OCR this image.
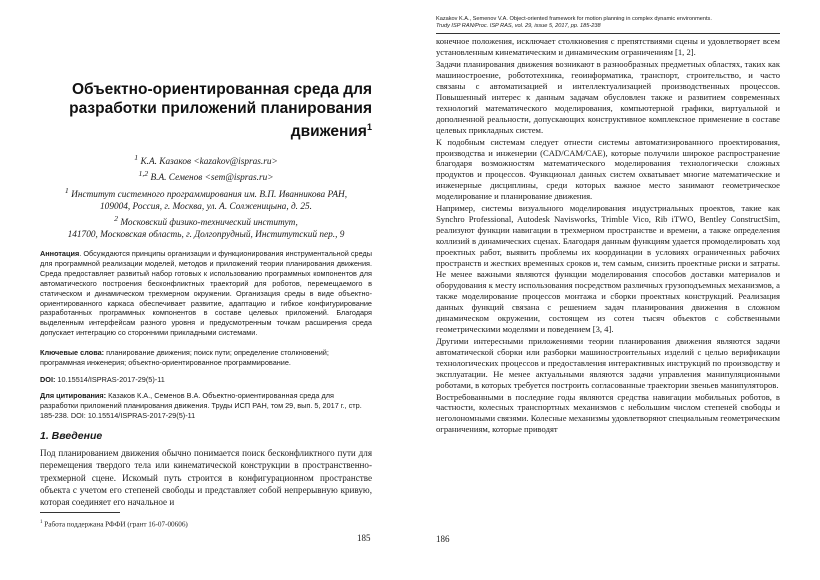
Объектно-ориентированная среда для разработки приложений планирования движения$^1$
$^1$ К.А. Казаков <kazakov@ispras.ru>
$^{1,2}$ В.А. Семенов <sem@ispras.ru>
$^1$ Институт системного программирования им. В.П. Иванникова РАН,
109004, Россия, г. Москва, ул. А. Солженицына, д. 25.
$^2$ Московский физико-технический институт,
141700, Московская область, г. Долгопрудный, Институтский пер., 9
Аннотация. Обсуждаются принципы организации и функционирования инструментальной среды для программной реализации моделей, методов и приложений теории планирования движения. Среда предоставляет развитый набор готовых к использованию программных компонентов для автоматического построения бесконфликтных траекторий для роботов, перемещаемого в статическом и динамическом трехмерном окружении. Организация среды в виде объектно-ориентированного каркаса обеспечивает развитие, адаптацию и гибкое конфигурирование разработанных программных компонентов в составе целевых приложений. Благодаря выделенным интерфейсам разного уровня и предусмотренным точкам расширения среда допускает интеграцию со сторонними прикладными системами.
Ключевые слова: планирование движения; поиск пути; определение столкновений; программная инженерия; объектно-ориентированное программирование.
DOI: 10.15514/ISPRAS-2017-29(5)-11
Для цитирования: Казаков К.А., Семенов В.А. Объектно-ориентированная среда для разработки приложений планирования движения. Труды ИСП РАН, том 29, вып. 5, 2017 г., стр. 185-238. DOI: 10.15514/ISPRAS-2017-29(5)-11
1. Введение
Под планированием движения обычно понимается поиск бесконфликтного пути для перемещения твердого тела или кинематической конструкции в пространственно-трехмерной сцене. Искомый путь строится в конфигурационном пространстве объекта с учетом его степеней свободы и представляет собой непрерывную кривую, которая соединяет его начальное и
$^1$ Работа поддержана РФФИ (грант 16-07-00606)
185
Kazakov K.A., Semenov V.A. Object-oriented framework for motion planning in complex dynamic environments.
Trudy ISP RAN/Proc. ISP RAS, vol. 29, issue 5, 2017, pp. 185-238

конечное положения, исключает столкновения с препятствиями сцены и удовлетворяет всем установленным кинематическим и динамическим ограничениям [1, 2].

Задачи планирования движения возникают в разнообразных предметных областях, таких как машиностроение, робототехника, геоинформатика, транспорт, строительство, и часто связаны с автоматизацией и интеллектуализацией производственных процессов. Повышенный интерес к данным задачам обусловлен также и развитием современных технологий математического моделирования, компьютерной графики, виртуальной и дополненной реальности, допускающих конструктивное комплексное применение в составе целевых прикладных систем.

К подобным системам следует отнести системы автоматизированного проектирования, производства и инженерии (CAD/CAM/CAE), которые получили широкое распространение благодаря возможностям математического моделирования технологически сложных продуктов и процессов. Функционал данных систем охватывает многие математические и инженерные дисциплины, среди которых важное место занимают геометрическое моделирование и планирование движения.

Например, системы визуального моделирования индустриальных проектов, такие как Synchro Professional, Autodesk Navisworks, Trimble Vico, Rib iTWO, Bentley ConstructSim, реализуют функции навигации в трехмерном пространстве и времени, а также определения коллизий в динамических сценах. Благодаря данным функциям удается промоделировать ход проектных работ, выявить проблемы их координации в условиях ограниченных рабочих пространств и жестких временных сроков и, тем самым, снизить проектные риски и затраты. Не менее важными являются функции моделирования способов доставки материалов и оборудования к месту использования посредством различных грузоподъемных механизмов, а также моделирование процессов монтажа и сборки проектных конструкций. Реализация данных функций связана с решением задач планирования движения в сложном динамическом окружении, состоящем из сотен тысяч объектов с собственными геометрическими моделями и поведением [3, 4].

Другими интересными приложениями теории планирования движения являются задачи автоматической сборки или разборки машиностроительных изделий с целью верификации технологических процессов и предоставления интерактивных инструкций по производству и эксплуатации. Не менее актуальными являются задачи управления манипуляционными роботами, в которых требуется построить согласованные траектории звеньев манипуляторов.

Востребованными в последние годы являются средства навигации мобильных роботов, в частности, колесных транспортных механизмов с небольшим числом степеней свободы и неголономными связями. Колесные механизмы удовлетворяют специальным геометрическим ограничениям, которые приводят

186
